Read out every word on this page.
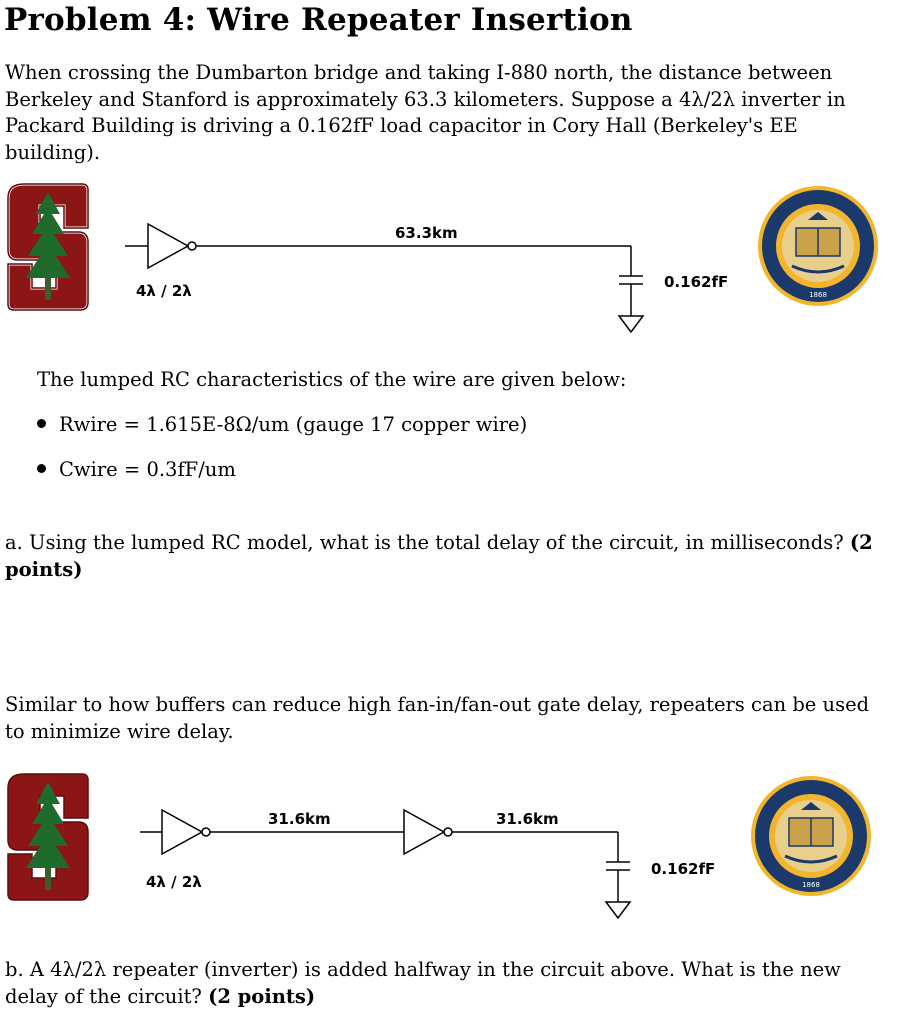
Problem 4: Wire Repeater Insertion
When crossing the Dumbarton bridge and taking I-880 north, the distance between Berkeley and Stanford is approximately 63.3 kilometers. Suppose a 4λ/2λ inverter in Packard Building is driving a 0.162fF load capacitor in Cory Hall (Berkeley's EE building).
63.3km
4λ / 2λ	0.162fF
1868
The lumped RC characteristics of the wire are given below:
Rwire = 1.615E-8Ω/um (gauge 17 copper wire)
Cwire = 0.3fF/um
a. Using the lumped RC model, what is the total delay of the circuit, in milliseconds? (2 points)
Similar to how buffers can reduce high fan-in/fan-out gate delay, repeaters can be used to minimize wire delay.
31.6km	31.6km
4λ / 2λ
0.162fF
1868
b. A 4λ/2λ repeater (inverter) is added halfway in the circuit above. What is the new delay of the circuit? (2 points)
